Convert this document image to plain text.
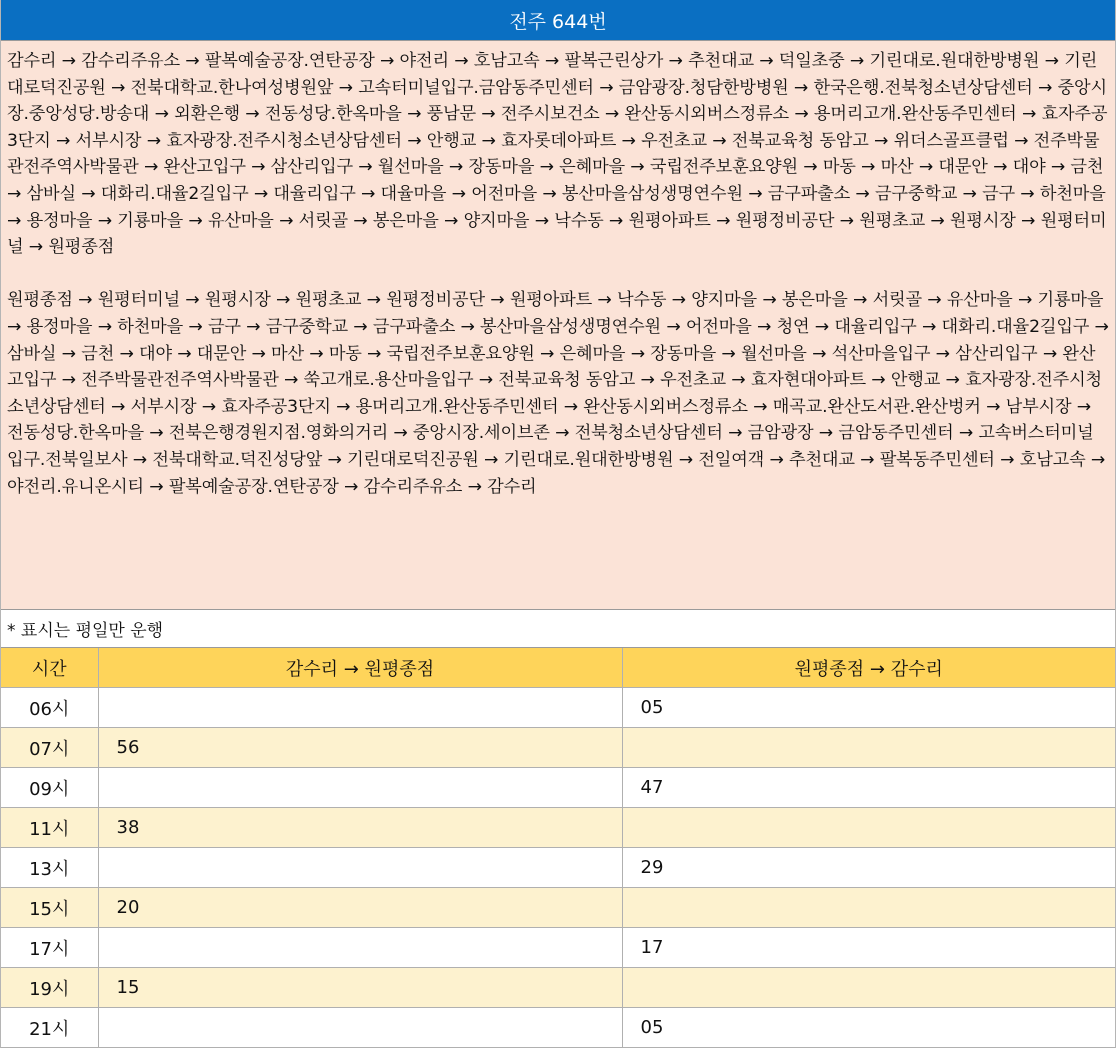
전주 644번

감수리 → 감수리주유소 → 팔복예술공장.연탄공장 → 야전리 → 호남고속 → 팔복근린상가 → 추천대교 → 덕일초중 → 기린대로.원대한방병원 → 기린대로덕진공원 → 전북대학교.한나여성병원앞 → 고속터미널입구.금암동주민센터 → 금암광장.청담한방병원 → 한국은행.전북청소년상담센터 → 중앙시장.중앙성당.방송대 → 외환은행 → 전동성당.한옥마을 → 풍남문 → 전주시보건소 → 완산동시외버스정류소 → 용머리고개.완산동주민센터 → 효자주공3단지 → 서부시장 → 효자광장.전주시청소년상담센터 → 안행교 → 효자롯데아파트 → 우전초교 → 전북교육청 동암고 → 위더스골프클럽 → 전주박물관전주역사박물관 → 완산고입구 → 삼산리입구 → 월선마을 → 장동마을 → 은혜마을 → 국립전주보훈요양원 → 마동 → 마산 → 대문안 → 대야 → 금천 → 삼바실 → 대화리.대율2길입구 → 대율리입구 → 대율마을 → 어전마을 → 봉산마을삼성생명연수원 → 금구파출소 → 금구중학교 → 금구 → 하천마을 → 용정마을 → 기룡마을 → 유산마을 → 서릿골 → 봉은마을 → 양지마을 → 낙수동 → 원평아파트 → 원평정비공단 → 원평초교 → 원평시장 → 원평터미널 → 원평종점

원평종점 → 원평터미널 → 원평시장 → 원평초교 → 원평정비공단 → 원평아파트 → 낙수동 → 양지마을 → 봉은마을 → 서릿골 → 유산마을 → 기룡마을 → 용정마을 → 하천마을 → 금구 → 금구중학교 → 금구파출소 → 봉산마을삼성생명연수원 → 어전마을 → 청연 → 대율리입구 → 대화리.대율2길입구 → 삼바실 → 금천 → 대야 → 대문안 → 마산 → 마동 → 국립전주보훈요양원 → 은혜마을 → 장동마을 → 월선마을 → 석산마을입구 → 삼산리입구 → 완산고입구 → 전주박물관전주역사박물관 → 쑥고개로.용산마을입구 → 전북교육청 동암고 → 우전초교 → 효자현대아파트 → 안행교 → 효자광장.전주시청소년상담센터 → 서부시장 → 효자주공3단지 → 용머리고개.완산동주민센터 → 완산동시외버스정류소 → 매곡교.완산도서관.완산벙커 → 남부시장 → 전동성당.한옥마을 → 전북은행경원지점.영화의거리 → 중앙시장.세이브존 → 전북청소년상담센터 → 금암광장 → 금암동주민센터 → 고속버스터미널입구.전북일보사 → 전북대학교.덕진성당앞 → 기린대로덕진공원 → 기린대로.원대한방병원 → 전일여객 → 추천대교 → 팔복동주민센터 → 호남고속 → 야전리.유니온시티 → 팔복예술공장.연탄공장 → 감수리주유소 → 감수리

* 표시는 평일만 운행
시간	감수리 → 원평종점	원평종점 → 감수리
06시		05
07시	56	
09시		47
11시	38	
13시		29
15시	20	
17시		17
19시	15	
21시		05
